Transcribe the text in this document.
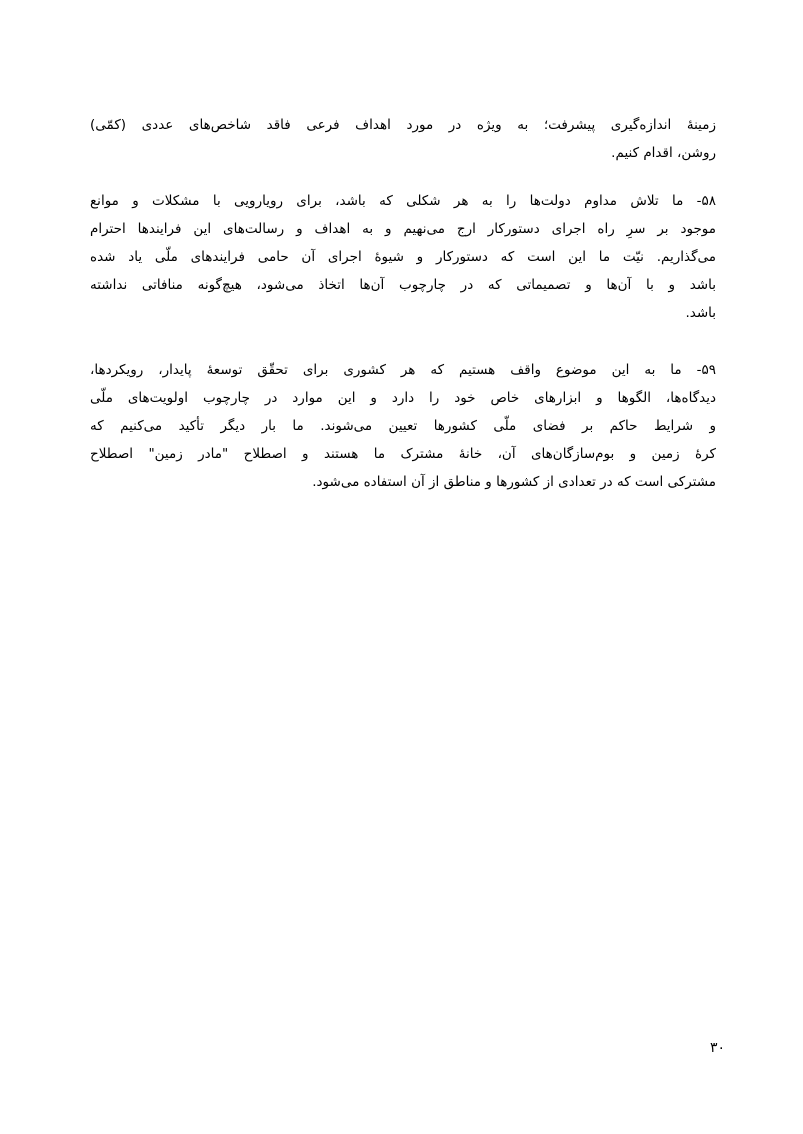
زمینهٔ اندازه‌گیری پیشرفت؛ به ویژه در مورد اهداف فرعی فاقد شاخص‌های عددی (کمّی)
روشن، اقدام کنیم.
۵۸- ما تلاش مداوم دولت‌ها را به هر شکلی که باشد، برای رویارویی با مشکلات و موانع
موجود بر سرِ راه اجرای دستورکار ارج می‌نهیم و به اهداف و رسالت‌های این فرایندها احترام
می‌گذاریم. نیّت ما این است که دستورکار و شیوهٔ اجرای آن حامی فرایندهای ملّی یاد شده
باشد و با آن‌ها و تصمیماتی که در چارچوب آن‌ها اتخاذ می‌شود، هیچ‌گونه منافاتی نداشته
باشد.
۵۹- ما به این موضوع واقف هستیم که هر کشوری برای تحقّق توسعهٔ پایدار، رویکردها،
دیدگاه‌ها، الگوها و ابزارهای خاص خود را دارد و این موارد در چارچوب اولویت‌های ملّی
و شرایط حاکم بر فضای ملّی کشورها تعیین می‌شوند. ما بار دیگر تأکید می‌کنیم که
کرهٔ زمین و بوم‌سازگان‌های آن، خانهٔ مشترک ما هستند و اصطلاح "مادر زمین" اصطلاح
مشترکی است که در تعدادی از کشورها و مناطق از آن استفاده می‌شود.
۳۰
